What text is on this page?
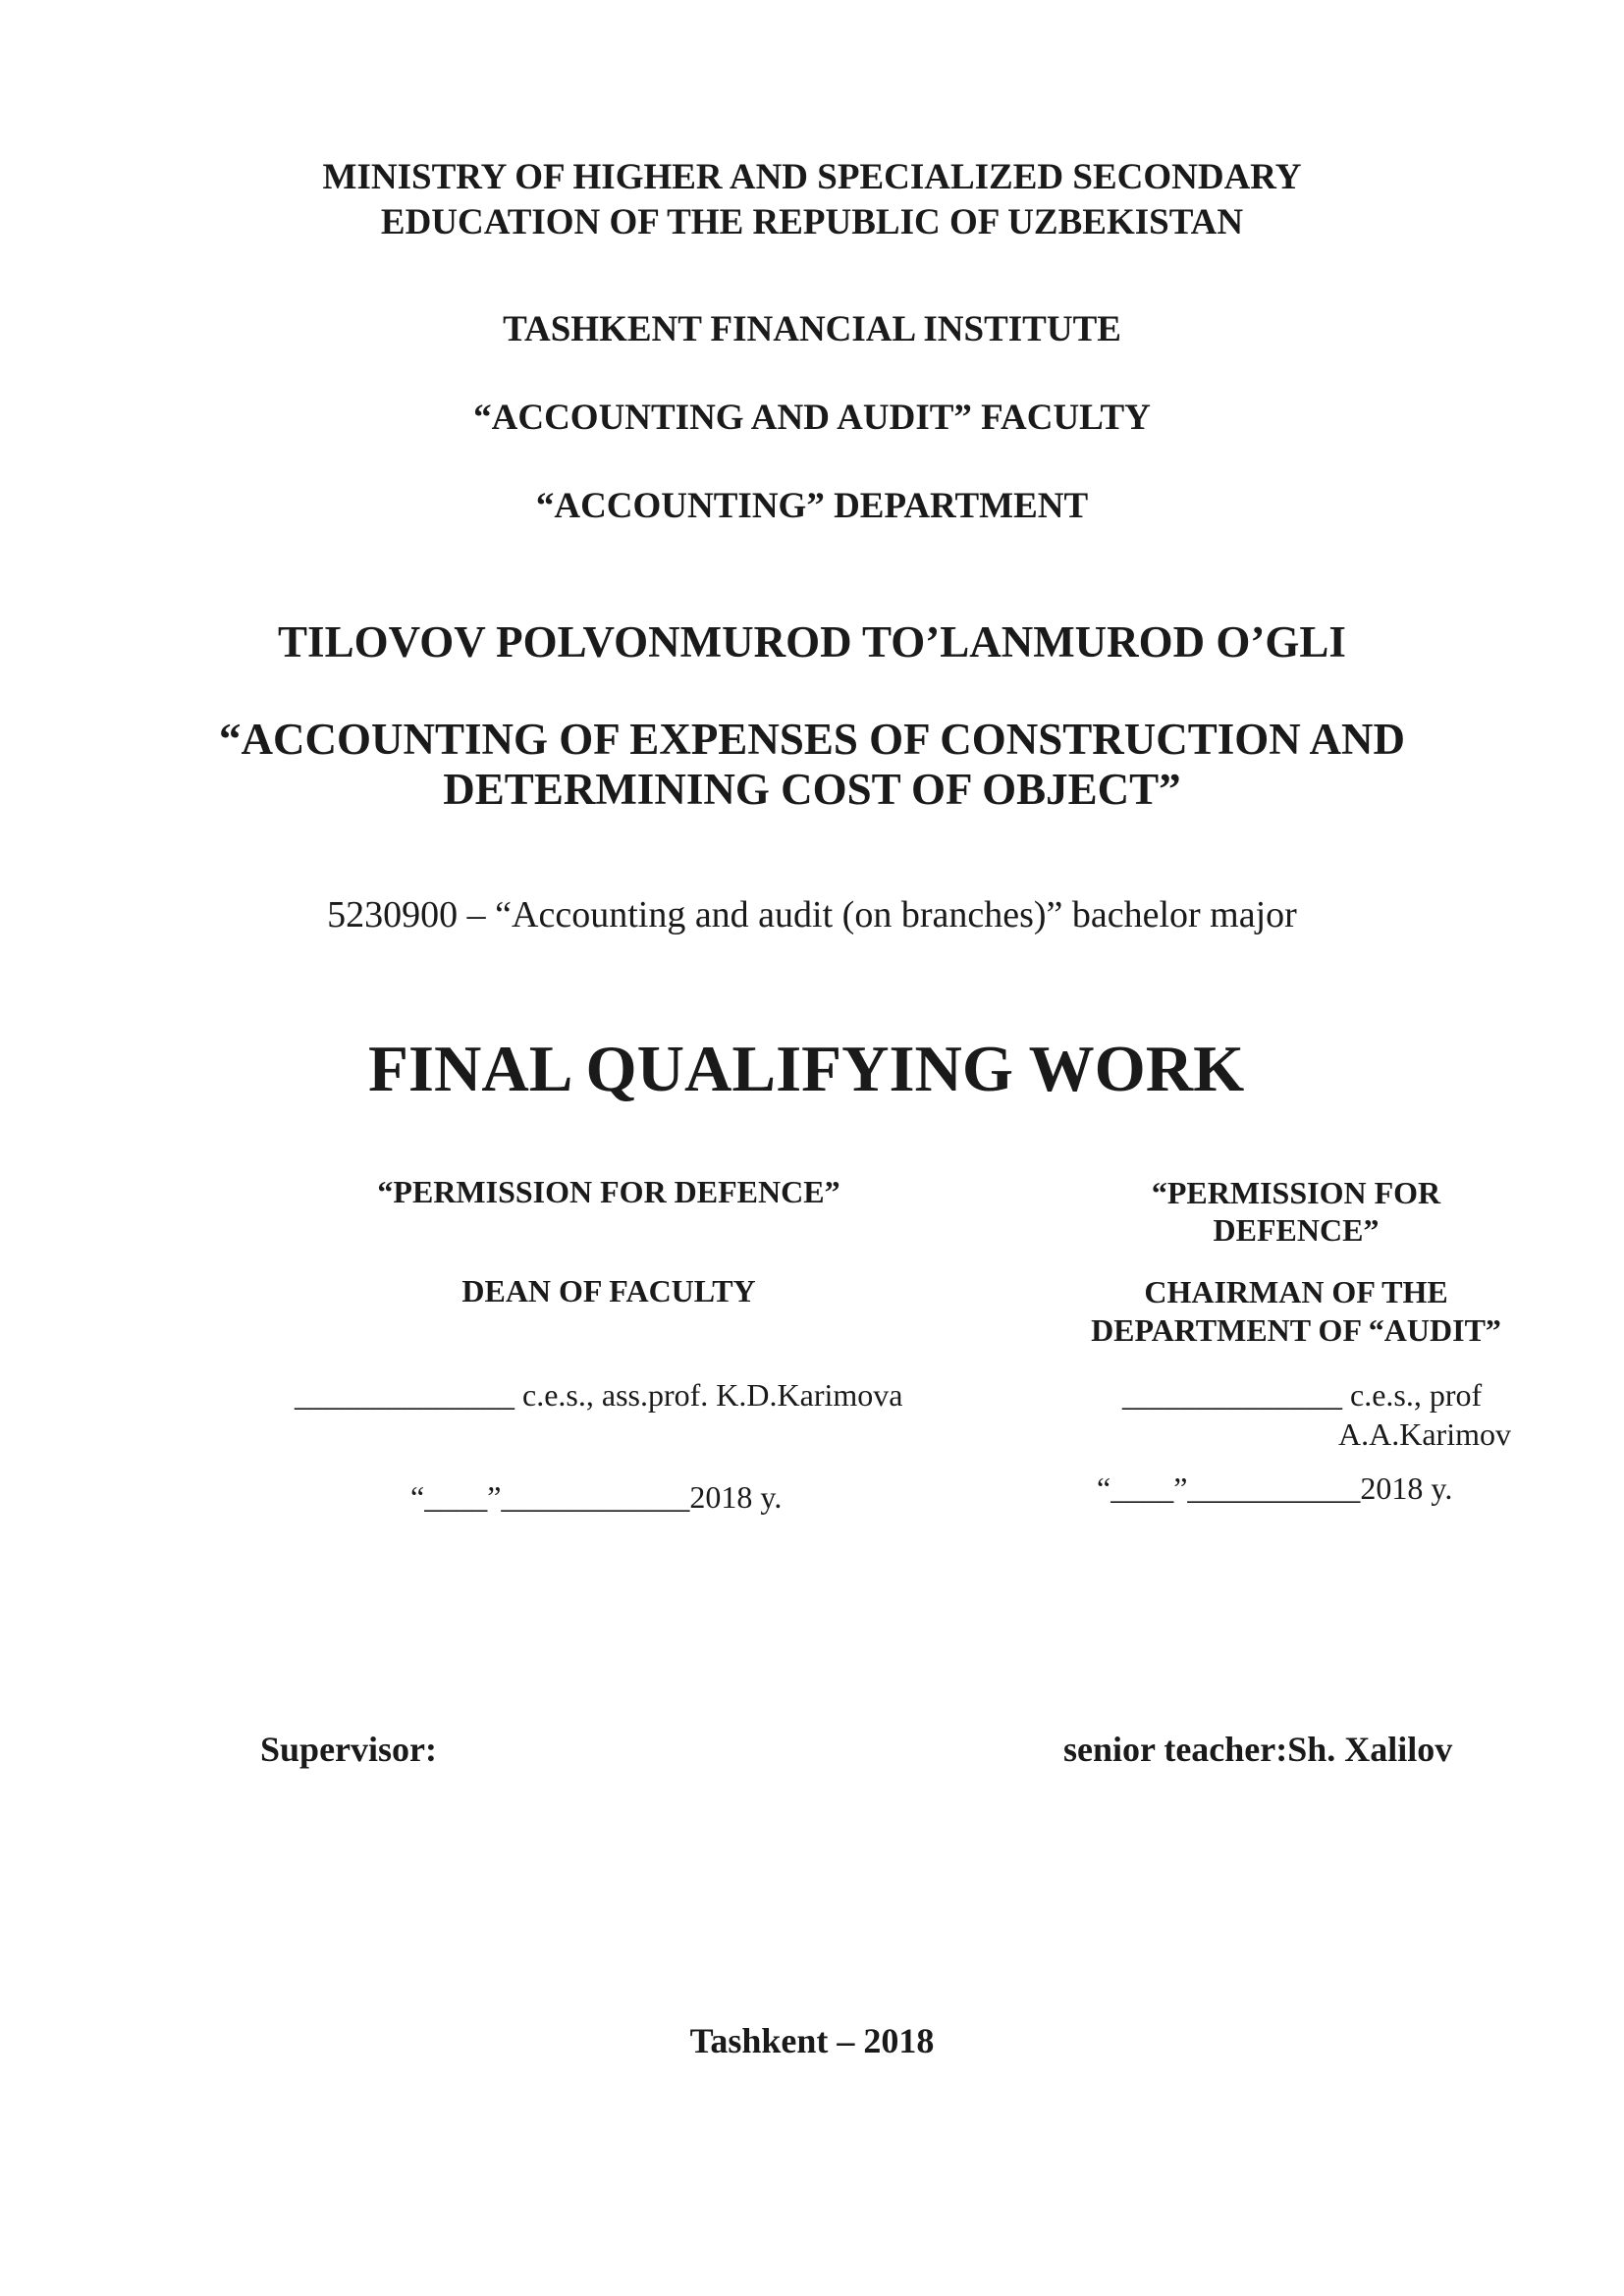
MINISTRY OF HIGHER AND SPECIALIZED SECONDARY
EDUCATION OF THE REPUBLIC OF UZBEKISTAN
TASHKENT FINANCIAL INSTITUTE
“ACCOUNTING AND AUDIT” FACULTY
“ACCOUNTING” DEPARTMENT
TILOVOV POLVONMUROD TO’LANMUROD O’GLI
“ACCOUNTING OF EXPENSES OF CONSTRUCTION AND
DETERMINING COST OF OBJECT”
5230900 – “Accounting and audit (on branches)” bachelor major
FINAL QUALIFYING WORK
“PERMISSION FOR DEFENCE”
DEAN OF FACULTY
______________ c.e.s., ass.prof. K.D.Karimova
“____”____________2018 y.
“PERMISSION FOR
DEFENCE”
CHAIRMAN OF THE
DEPARTMENT OF “AUDIT”
______________ c.e.s., prof
A.A.Karimov
“____”___________2018 y.
Supervisor:	senior teacher:Sh. Xalilov
Tashkent – 2018
